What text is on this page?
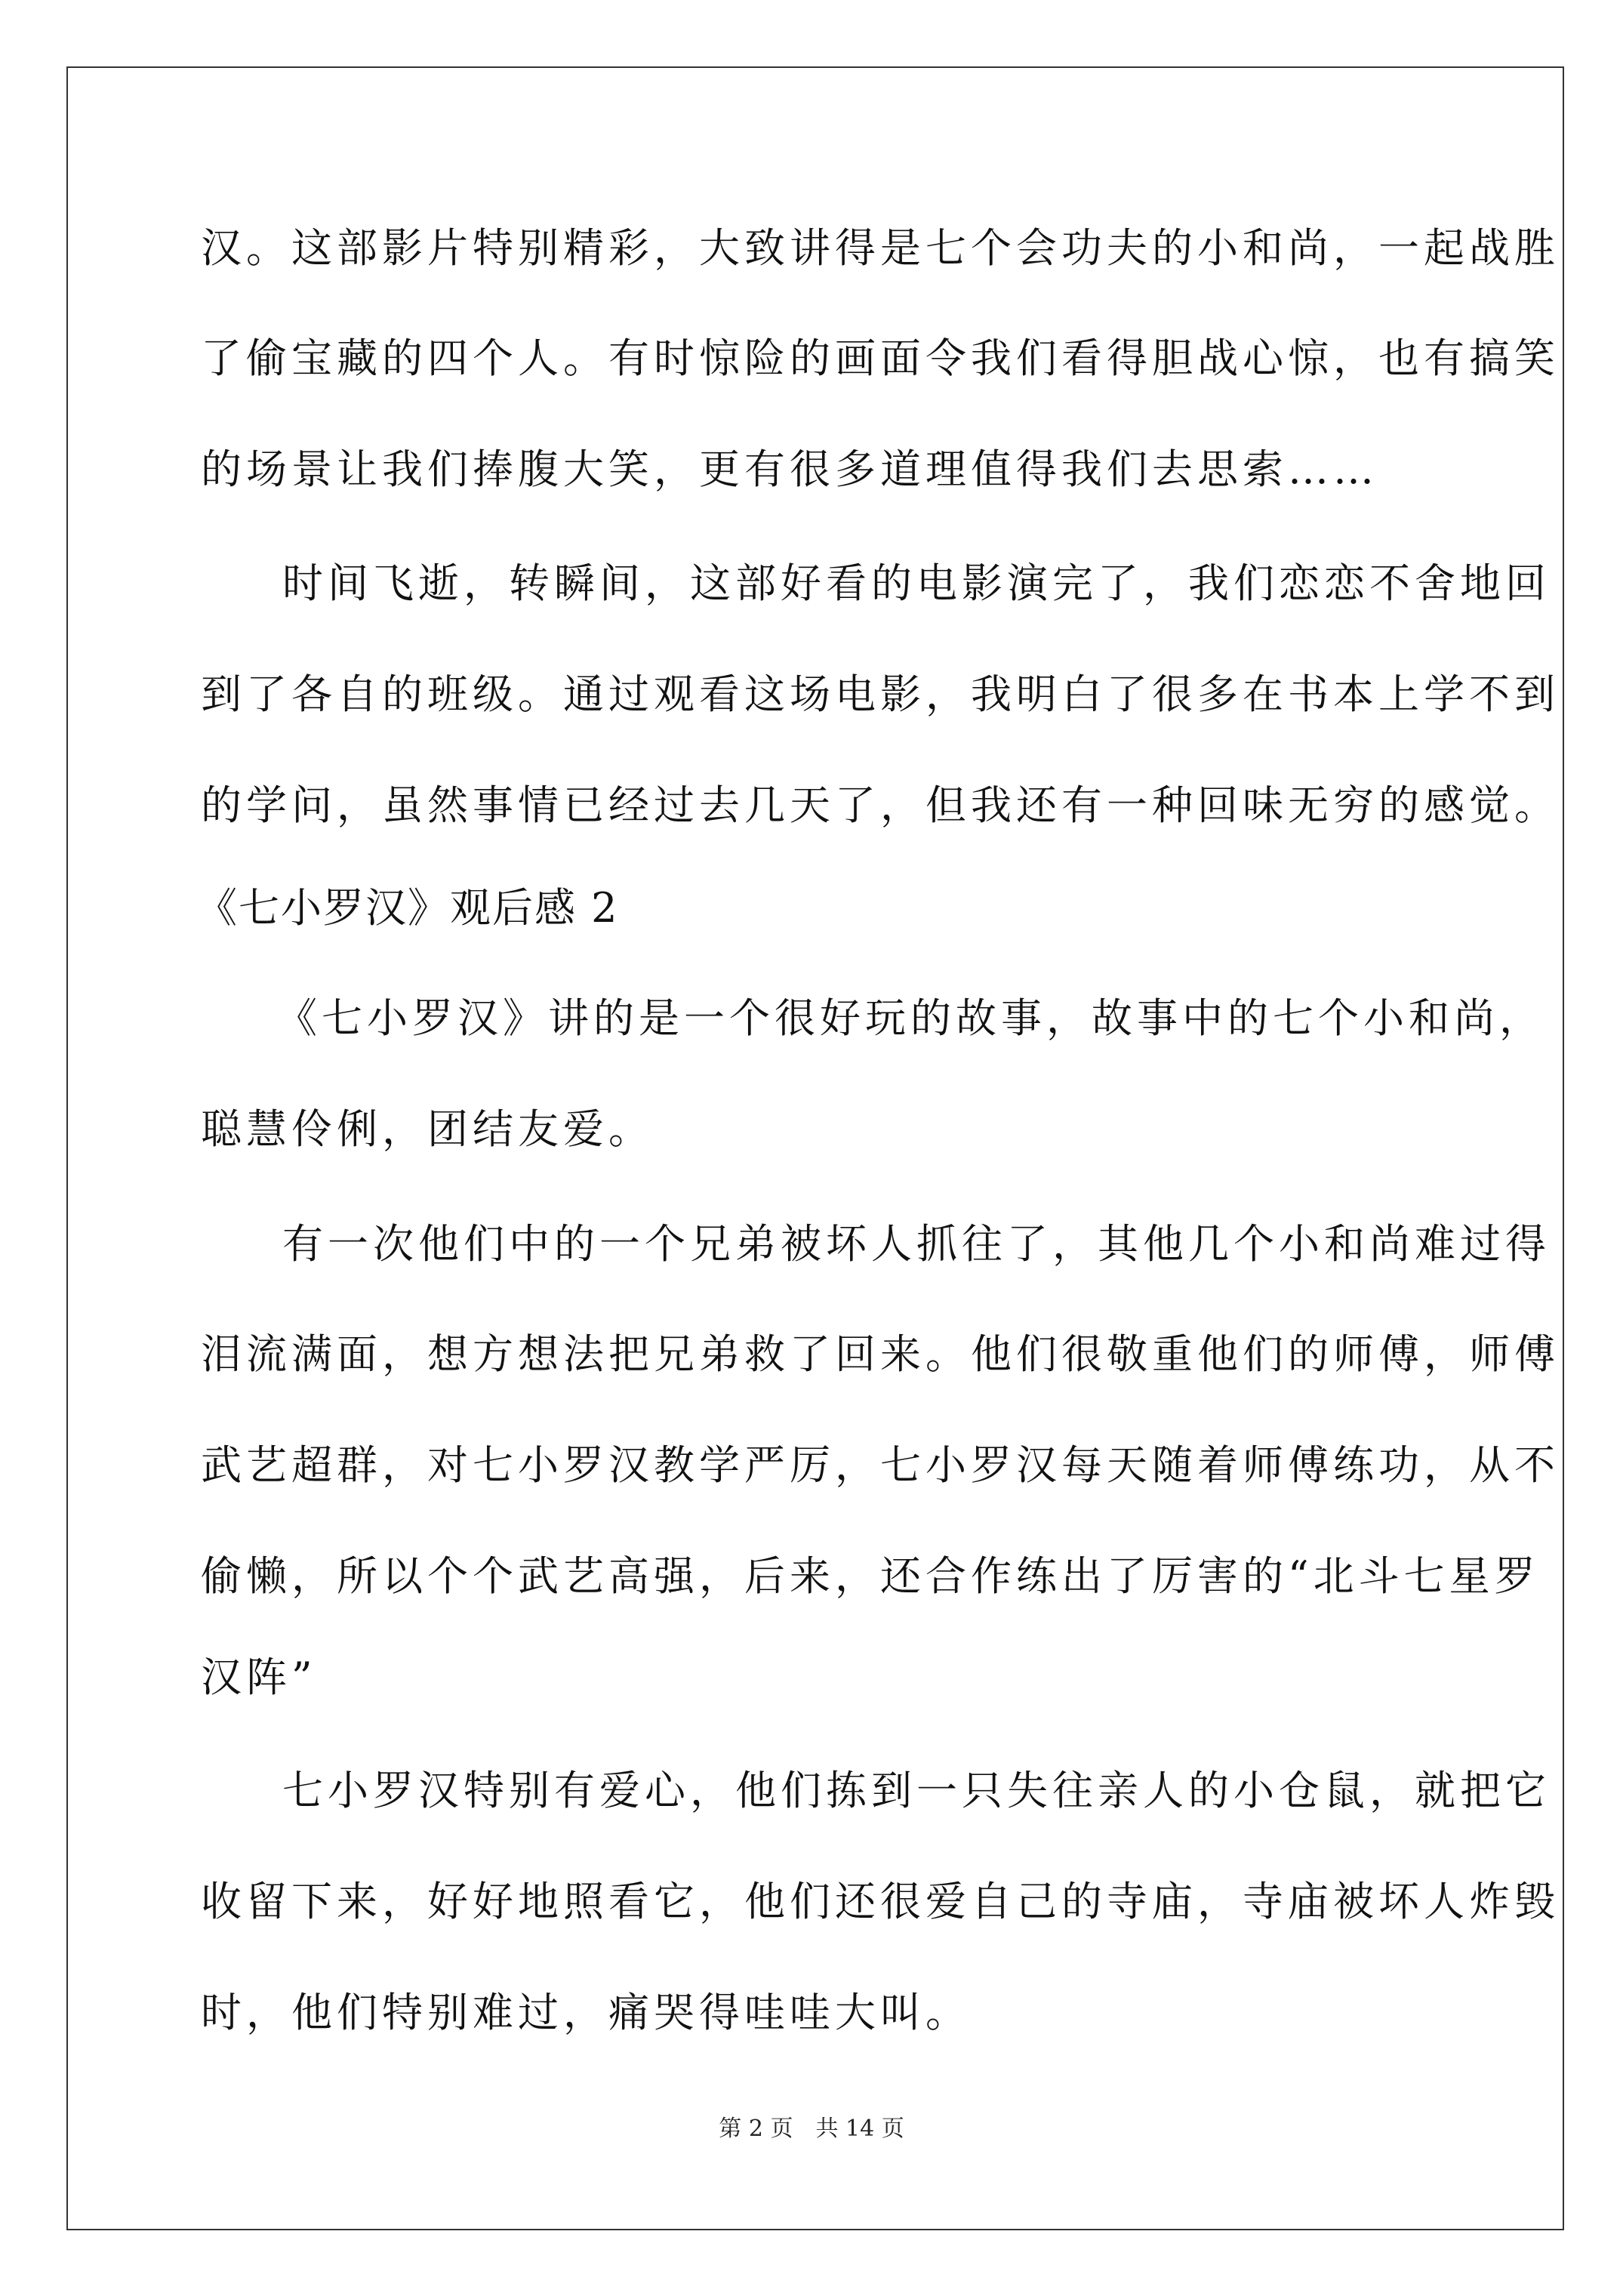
汉。这部影片特别精彩，大致讲得是七个会功夫的小和尚，一起战胜
了偷宝藏的四个人。有时惊险的画面令我们看得胆战心惊，也有搞笑
的场景让我们捧腹大笑，更有很多道理值得我们去思索……
时间飞逝，转瞬间，这部好看的电影演完了，我们恋恋不舍地回
到了各自的班级。通过观看这场电影，我明白了很多在书本上学不到
的学问，虽然事情已经过去几天了，但我还有一种回味无穷的感觉。
《七小罗汉》观后感 2
《七小罗汉》讲的是一个很好玩的故事，故事中的七个小和尚，
聪慧伶俐，团结友爱。
有一次他们中的一个兄弟被坏人抓往了，其他几个小和尚难过得
泪流满面，想方想法把兄弟救了回来。他们很敬重他们的师傅，师傅
武艺超群，对七小罗汉教学严厉，七小罗汉每天随着师傅练功，从不
偷懒，所以个个武艺高强，后来，还合作练出了厉害的“北斗七星罗
汉阵”
七小罗汉特别有爱心，他们拣到一只失往亲人的小仓鼠，就把它
收留下来，好好地照看它，他们还很爱自己的寺庙，寺庙被坏人炸毁
时，他们特别难过，痛哭得哇哇大叫。
第 2 页　共 14 页
